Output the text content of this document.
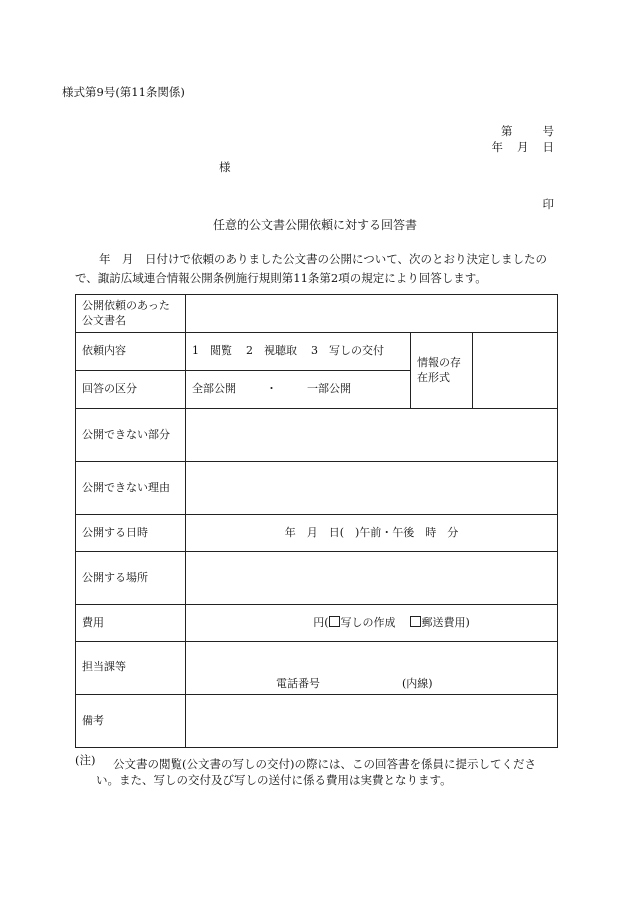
様式第9号(第11条関係)
第	号
年 月 日
様
印
任意的公文書公開依頼に対する回答書
年　月　日付けで依頼のありました公文書の公開について、次のとおり決定しましたので、諏訪広域連合情報公開条例施行規則第11条第2項の規定により回答します。
公開依頼のあった公文書名			
依頼内容	1　閲覧 2　視聴取 3　写しの交付	情報の存在形式	
回答の区分	全部公開 ・ 一部公開		
公開できない部分			
公開できない理由			
公開する日時	年　月　日(　)午前・午後　時　分		
公開する場所			
費用	円( 写しの作成 郵送費用)		
担当課等	電話番号 (内線)		
備考			
(注) 公文書の閲覧(公文書の写しの交付)の際には、この回答書を係員に提示してくださ
い。また、写しの交付及び写しの送付に係る費用は実費となります。
